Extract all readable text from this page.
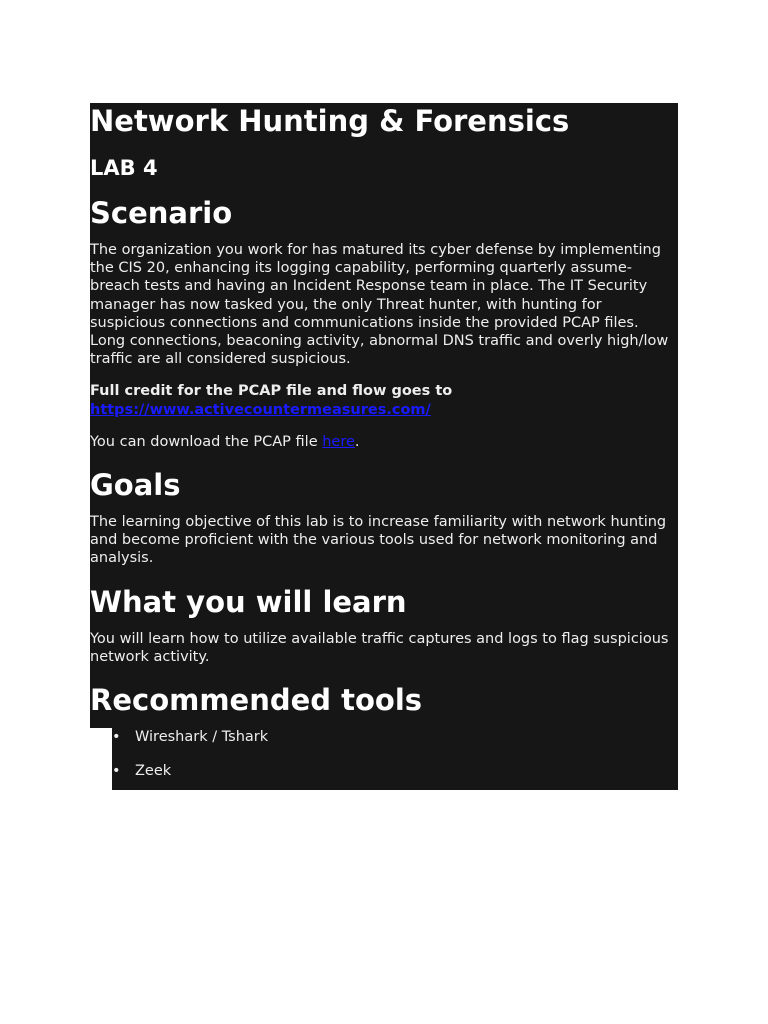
Network Hunting & Forensics
LAB 4
Scenario

The organization you work for has matured its cyber defense by implementing the CIS 20, enhancing its logging capability, performing quarterly assume-breach tests and having an Incident Response team in place. The IT Security manager has now tasked you, the only Threat hunter, with hunting for suspicious connections and communications inside the provided PCAP files. Long connections, beaconing activity, abnormal DNS traffic and overly high/low traffic are all considered suspicious.

Full credit for the PCAP file and flow goes to https://www.activecountermeasures.com/

You can download the PCAP file here.

Goals

The learning objective of this lab is to increase familiarity with network hunting and become proficient with the various tools used for network monitoring and analysis.

What you will learn

You will learn how to utilize available traffic captures and logs to flag suspicious network activity.

Recommended tools
• Wireshark / Tshark
• Zeek
